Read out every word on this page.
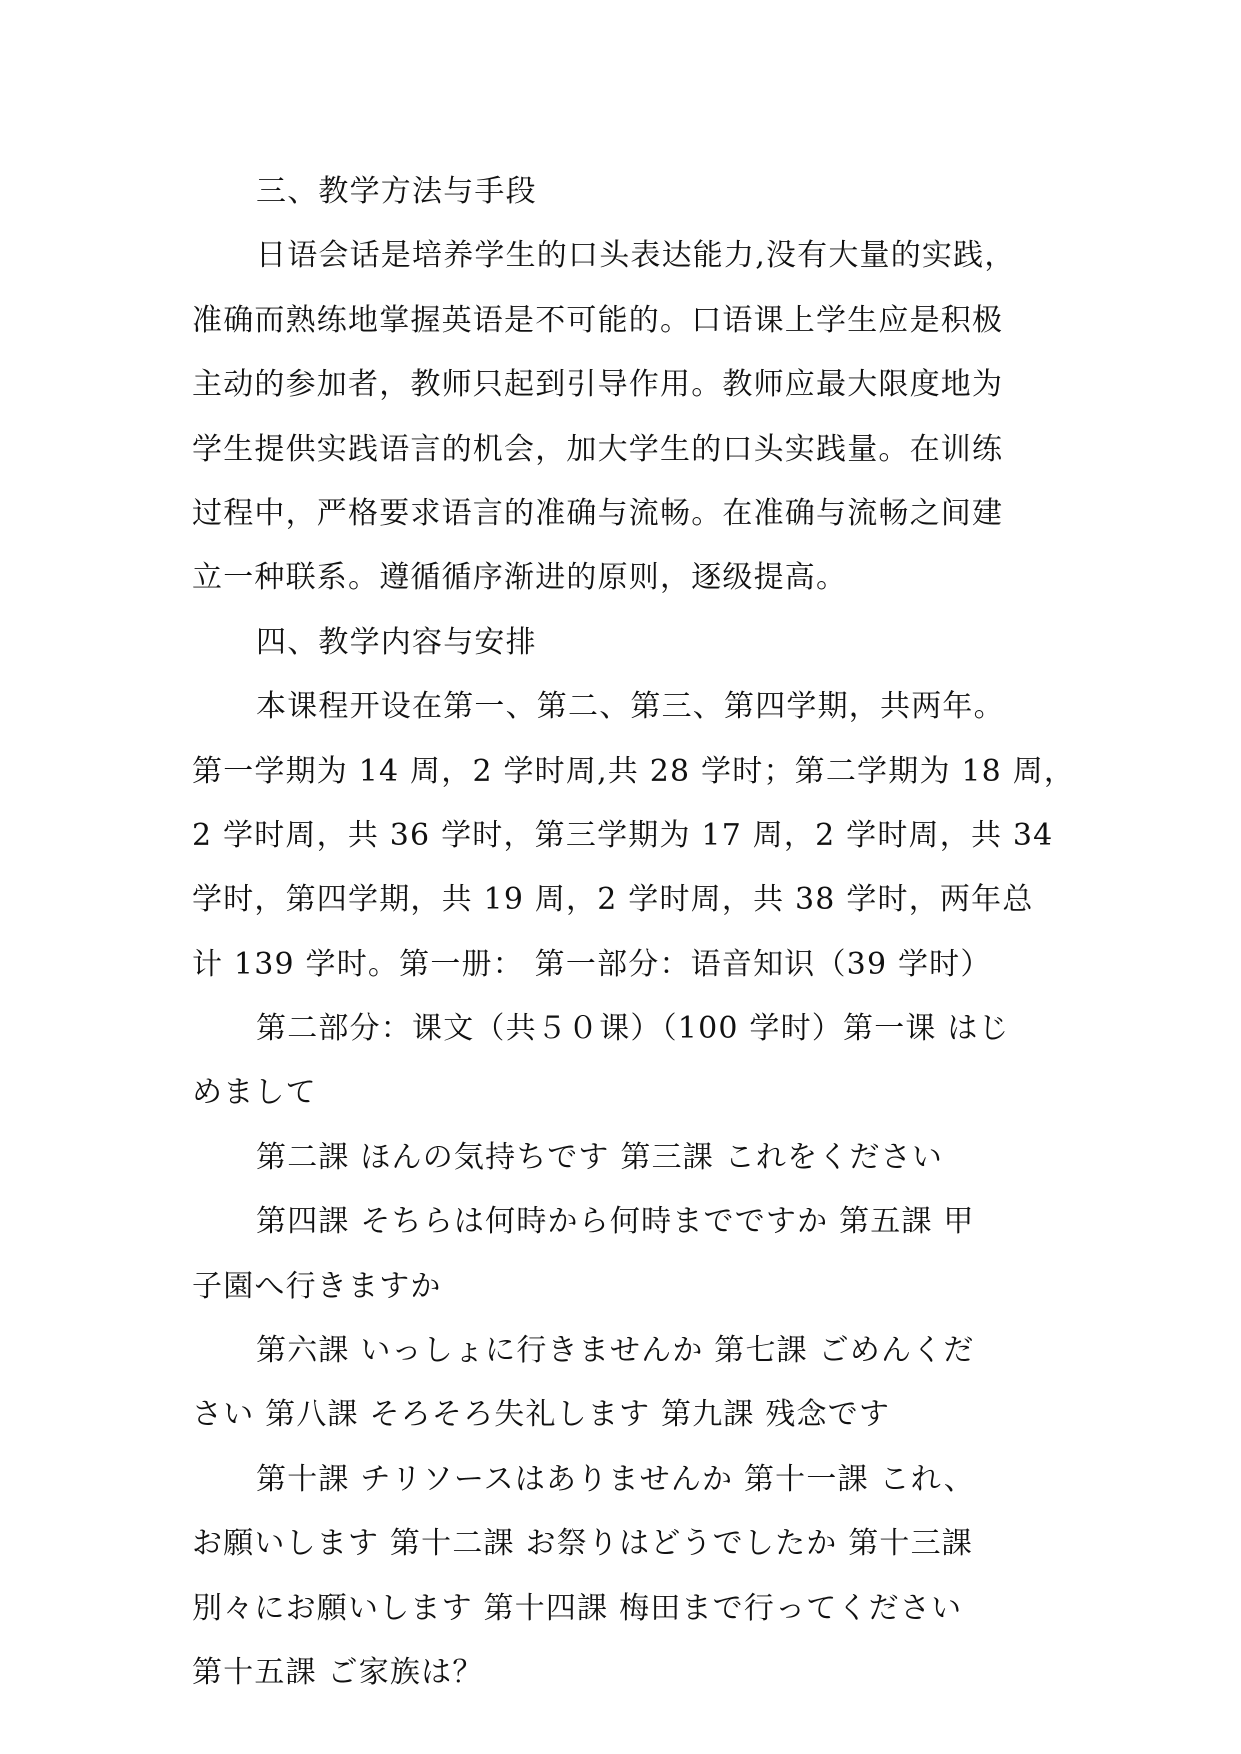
三、教学方法与手段
日语会话是培养学生的口头表达能力,没有大量的实践，
准确而熟练地掌握英语是不可能的。口语课上学生应是积极
主动的参加者，教师只起到引导作用。教师应最大限度地为
学生提供实践语言的机会，加大学生的口头实践量。在训练
过程中，严格要求语言的准确与流畅。在准确与流畅之间建
立一种联系。遵循循序渐进的原则，逐级提高。
四、教学内容与安排
本课程开设在第一、第二、第三、第四学期，共两年。
第一学期为 14 周，2 学时周,共 28 学时；第二学期为 18 周，
2 学时周，共 36 学时，第三学期为 17 周，2 学时周，共 34
学时，第四学期，共 19 周，2 学时周，共 38 学时，两年总
计 139 学时。第一册： 第一部分：语音知识（39 学时）
第二部分：课文（共５０课）（100 学时）第一课 はじ
めまして
第二課 ほんの気持ちです 第三課 これをください
第四課 そちらは何時から何時までですか 第五課 甲
子園へ行きますか
第六課 いっしょに行きませんか 第七課 ごめんくだ
さい 第八課 そろそろ失礼します 第九課 残念です
第十課 チリソースはありませんか 第十一課 これ、
お願いします 第十二課 お祭りはどうでしたか 第十三課
別々にお願いします 第十四課 梅田まで行ってください
第十五課 ご家族は？
